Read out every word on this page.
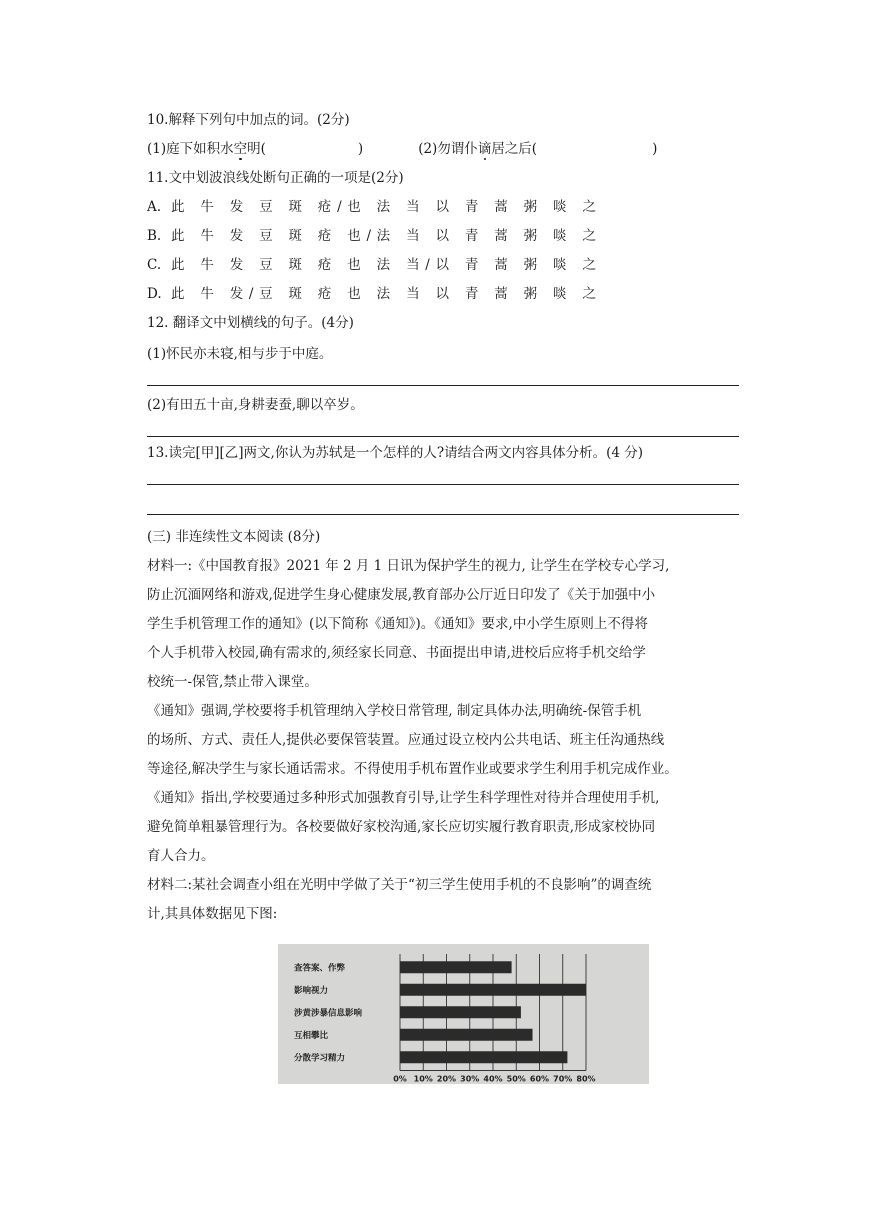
10.解释下列句中加点的词。(2分)
(1)庭下如积水空明(	)	(2)勿谓仆谪居之后(	)
11.文中划波浪线处断句正确的一项是(2分)
A. 此	牛	发	豆	斑	疮 / 也	法	当	以	青	蒿	粥	啖	之
B. 此	牛	发	豆	斑	疮	也 / 法	当	以	青	蒿	粥	啖	之
C. 此	牛	发	豆	斑	疮	也	法	当 / 以	青	蒿	粥	啖	之
D. 此	牛	发 / 豆	斑	疮	也	法	当	以	青	蒿	粥	啖	之
12. 翻译文中划横线的句子。(4分)
(1)怀民亦未寝,相与步于中庭。
(2)有田五十亩,身耕妻蚕,聊以卒岁。
13.读完[甲][乙]两文,你认为苏轼是一个怎样的人?请结合两文内容具体分析。(4 分)
(三) 非连续性文本阅读 (8分)

材料一:《中国教育报》2021 年 2 月 1 日讯为保护学生的视力, 让学生在学校专心学习,

防止沉湎网络和游戏,促进学生身心健康发展,教育部办公厅近日印发了《关于加强中小

学生手机管理工作的通知》(以下简称《通知》)。《通知》要求,中小学生原则上不得将

个人手机带入校园,确有需求的,须经家长同意、书面提出申请,进校后应将手机交给学

校统一-保管,禁止带入课堂。

《通知》强调,学校要将手机管理纳入学校日常管理, 制定具体办法,明确统-保管手机

的场所、方式、责任人,提供必要保管装置。应通过设立校内公共电话、班主任沟通热线

等途径,解决学生与家长通话需求。不得使用手机布置作业或要求学生利用手机完成作业。

《通知》指出,学校要通过多种形式加强教育引导,让学生科学理性对待并合理使用手机,

避免简单粗暴管理行为。各校要做好家校沟通,家长应切实履行教育职责,形成家校协同

育人合力。

材料二:某社会调查小组在光明中学做了关于“初三学生使用手机的不良影响”的调查统

计,其具体数据见下图:

0% 10% 20% 30% 40% 50% 60% 70% 80%
查答案、作弊
影响视力
涉黄涉暴信息影响
互相攀比
分散学习精力
